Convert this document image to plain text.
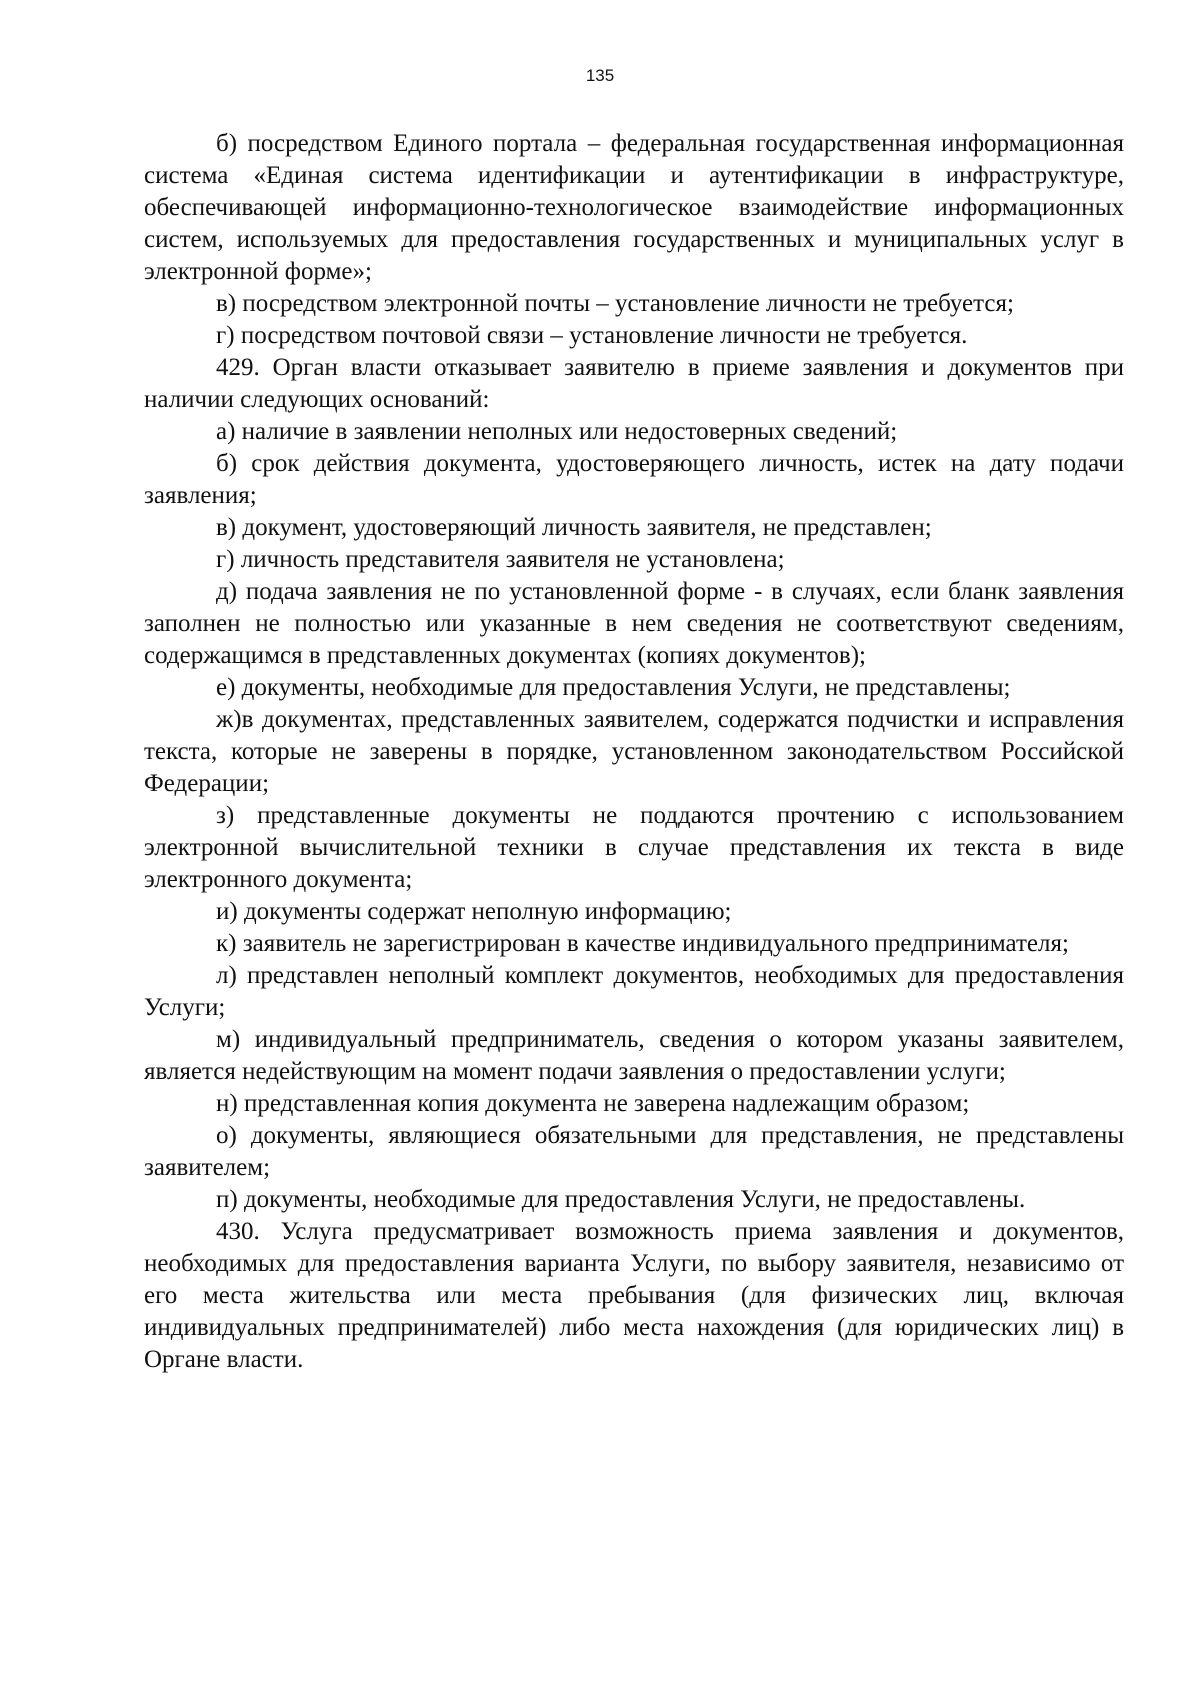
135

б) посредством Единого портала – федеральная государственная информационная система «Единая система идентификации и аутентификации в инфраструктуре, обеспечивающей информационно-технологическое взаимодействие информационных систем, используемых для предоставления государственных и муниципальных услуг в электронной форме»;

в) посредством электронной почты – установление личности не требуется;

г) посредством почтовой связи – установление личности не требуется.

429. Орган власти отказывает заявителю в приеме заявления и документов при наличии следующих оснований:

а) наличие в заявлении неполных или недостоверных сведений;

б) срок действия документа, удостоверяющего личность, истек на дату подачи заявления;

в) документ, удостоверяющий личность заявителя, не представлен;

г) личность представителя заявителя не установлена;

д) подача заявления не по установленной форме - в случаях, если бланк заявления заполнен не полностью или указанные в нем сведения не соответствуют сведениям, содержащимся в представленных документах (копиях документов);

е) документы, необходимые для предоставления Услуги, не представлены;

ж)в документах, представленных заявителем, содержатся подчистки и исправления текста, которые не заверены в порядке, установленном законодательством Российской Федерации;

з) представленные документы не поддаются прочтению с использованием электронной вычислительной техники в случае представления их текста в виде электронного документа;

и) документы содержат неполную информацию;

к) заявитель не зарегистрирован в качестве индивидуального предпринимателя;

л) представлен неполный комплект документов, необходимых для предоставления Услуги;

м) индивидуальный предприниматель, сведения о котором указаны заявителем, является недействующим на момент подачи заявления о предоставлении услуги;

н) представленная копия документа не заверена надлежащим образом;

о) документы, являющиеся обязательными для представления, не представлены заявителем;

п) документы, необходимые для предоставления Услуги, не предоставлены.

430. Услуга предусматривает возможность приема заявления и документов, необходимых для предоставления варианта Услуги, по выбору заявителя, независимо от его места жительства или места пребывания (для физических лиц, включая индивидуальных предпринимателей) либо места нахождения (для юридических лиц) в Органе власти.
